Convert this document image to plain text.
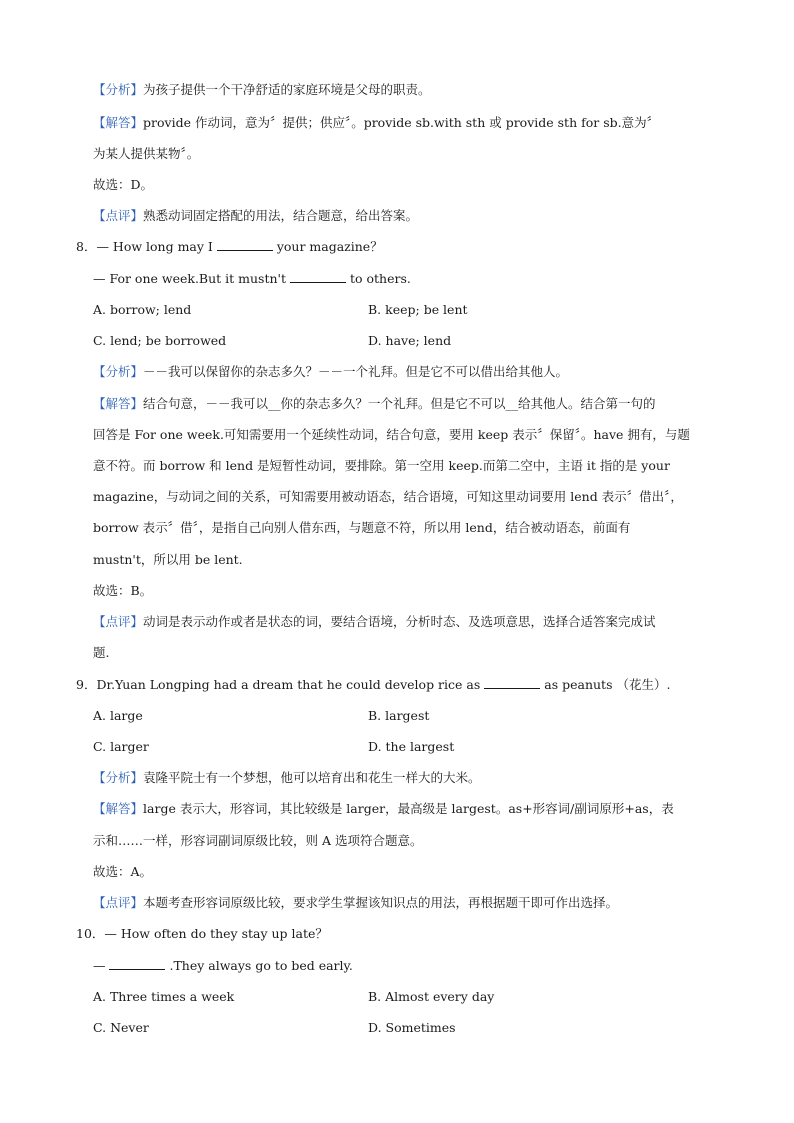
【分析】为孩子提供一个干净舒适的家庭环境是父母的职责。
【解答】provide 作动词，意为〞提供；供应〞。provide sb.with sth 或 provide sth for sb.意为〞
为某人提供某物〞。
故选：D。
【点评】熟悉动词固定搭配的用法，结合题意，给出答案。
8．— How long may I	your magazine？
— For one week.But it mustn't	to others.
A. borrow; lend	B. keep; be lent
C. lend; be borrowed	D. have; lend
【分析】－－我可以保留你的杂志多久？－－一个礼拜。但是它不可以借出给其他人。
【解答】结合句意，－－我可以__你的杂志多久？一个礼拜。但是它不可以__给其他人。结合第一句的
回答是 For one week.可知需要用一个延续性动词，结合句意，要用 keep 表示〞保留〞。have 拥有，与题
意不符。而 borrow 和 lend 是短暂性动词，要排除。第一空用 keep.而第二空中，主语 it 指的是 your
magazine，与动词之间的关系，可知需要用被动语态，结合语境，可知这里动词要用 lend 表示〞借出〞，
borrow 表示〞借〞，是指自己向别人借东西，与题意不符，所以用 lend，结合被动语态，前面有
mustn't，所以用 be lent.
故选：B。
【点评】动词是表示动作或者是状态的词，要结合语境，分析时态、及选项意思，选择合适答案完成试
题.
9．Dr.Yuan Longping had a dream that he could develop rice as	as peanuts （花生）.
A. large	B. largest
C. larger	D. the largest
【分析】袁隆平院士有一个梦想，他可以培育出和花生一样大的大米。
【解答】large 表示大，形容词，其比较级是 larger，最高级是 largest。as+形容词/副词原形+as，表
示和……一样，形容词副词原级比较，则 A 选项符合题意。
故选：A。
【点评】本题考查形容词原级比较，要求学生掌握该知识点的用法，再根据题干即可作出选择。
10．— How often do they stay up late？
—	.They always go to bed early.
A. Three times a week	B. Almost every day
C. Never	D. Sometimes
